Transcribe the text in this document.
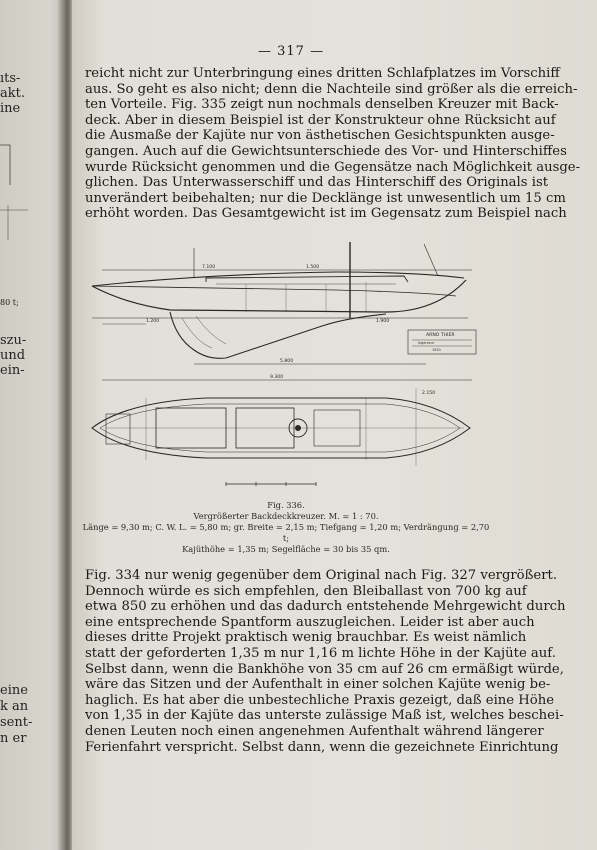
ıts-
akt.
ine
80 t;
szu-
und
ein-
eine
k an
sent-
n er
— 317 —
reicht nicht zur Unterbringung eines dritten Schlafplatzes im Vorschiff
aus. So geht es also nicht; denn die Nachteile sind größer als die erreich-
ten Vorteile. Fig. 335 zeigt nun nochmals denselben Kreuzer mit Back-
deck. Aber in diesem Beispiel ist der Konstrukteur ohne Rücksicht auf
die Ausmaße der Kajüte nur von ästhetischen Gesichtspunkten ausge-
gangen. Auch auf die Gewichtsunterschiede des Vor- und Hinterschiffes
wurde Rücksicht genommen und die Gegensätze nach Möglichkeit ausge-
glichen. Das Unterwasserschiff und das Hinterschiff des Originals ist
unverändert beibehalten; nur die Decklänge ist unwesentlich um 15 cm
erhöht worden. Das Gesamtgewicht ist im Gegensatz zum Beispiel nach
7.100	1.500
1.200	1.900
5.800
9.300
ARNO THIER
Ingenieur
1920
2.150
Fig. 336.
Vergrößerter Backdeckkreuzer. M. = 1 : 70.
Länge = 9,30 m; C. W. L. = 5,80 m; gr. Breite = 2,15 m; Tiefgang = 1,20 m; Verdrängung = 2,70 t;
Kajüthöhe = 1,35 m; Segelfläche = 30 bis 35 qm.
Fig. 334 nur wenig gegenüber dem Original nach Fig. 327 vergrößert.
Dennoch würde es sich empfehlen, den Bleiballast von 700 kg auf
etwa 850 zu erhöhen und das dadurch entstehende Mehrgewicht durch
eine entsprechende Spantform auszugleichen. Leider ist aber auch
dieses dritte Projekt praktisch wenig brauchbar. Es weist nämlich
statt der geforderten 1,35 m nur 1,16 m lichte Höhe in der Kajüte auf.
Selbst dann, wenn die Bankhöhe von 35 cm auf 26 cm ermäßigt würde,
wäre das Sitzen und der Aufenthalt in einer solchen Kajüte wenig be-
haglich. Es hat aber die unbestechliche Praxis gezeigt, daß eine Höhe
von 1,35 in der Kajüte das unterste zulässige Maß ist, welches beschei-
denen Leuten noch einen angenehmen Aufenthalt während längerer
Ferienfahrt verspricht. Selbst dann, wenn die gezeichnete Einrichtung
